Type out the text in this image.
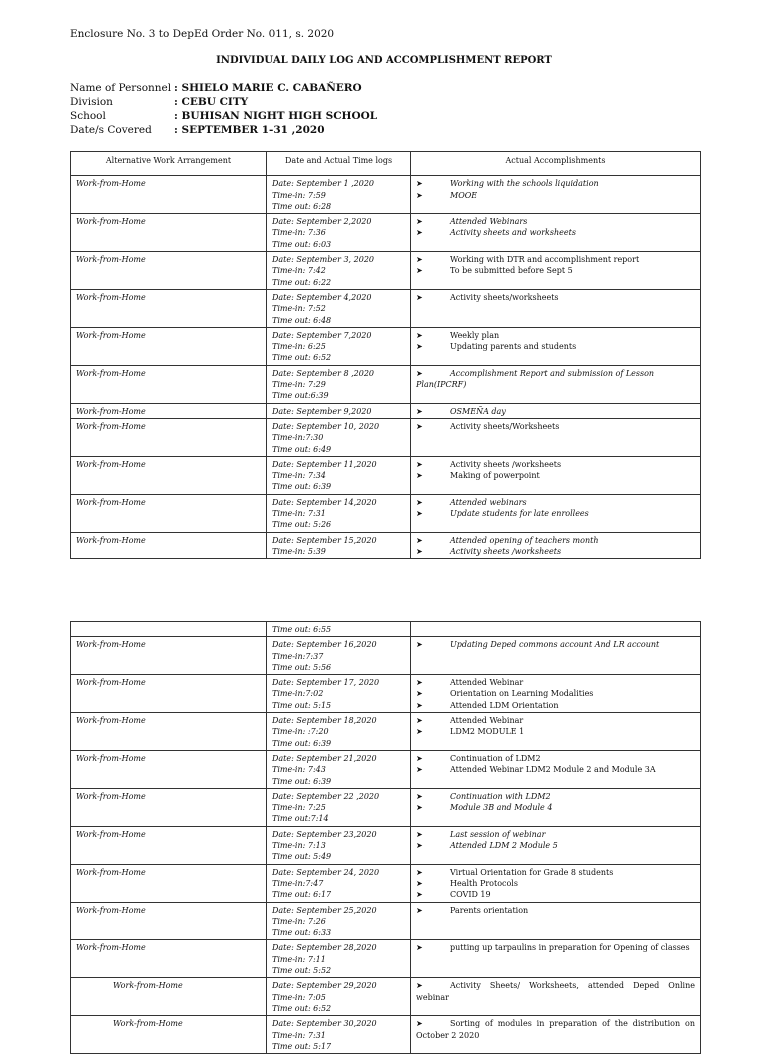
Enclosure No. 3 to DepEd Order No. 011, s. 2020
INDIVIDUAL DAILY LOG AND ACCOMPLISHMENT REPORT
Name of Personnel : SHIELO MARIE C. CABAÑERO
Division	: CEBU CITY
School	: BUHISAN NIGHT HIGH SCHOOL
Date/s Covered : SEPTEMBER 1-31 ,2020
Alternative Work Arrangement	Date and Actual Time logs	Actual Accomplishments
Work-from-Home	Date: September 1 ,2020
Time-in: 7:59
Time out: 6:28	➤ Working with the schools liquidation
➤ MOOE

Work-from-Home	Date: September 2,2020
Time-in: 7:36
Time out: 6:03	➤ Attended Webinars
➤ Activity sheets and worksheets

Work-from-Home	Date: September 3, 2020
Time-in: 7:42
Time out: 6:22	➤ Working with DTR and accomplishment report
➤ To be submitted before Sept 5

Work-from-Home	Date: September 4,2020
Time-in: 7:52
Time out: 6:48	➤ Activity sheets/worksheets

Work-from-Home	Date: September 7,2020
Time-in: 6:25
Time out: 6:52	➤ Weekly plan
➤ Updating parents and students

Work-from-Home	Date: September 8 ,2020
Time-in: 7:29
Time out:6:39	➤ Accomplishment Report and submission of Lesson Plan(IPCRF)

Work-from-Home	Date: September 9,2020	➤ OSMEÑA day

Work-from-Home	Date: September 10, 2020
Time-in:7:30
Time out: 6:49	➤ Activity sheets/Worksheets

Work-from-Home	Date: September 11,2020
Time-in: 7:34
Time out: 6:39	➤ Activity sheets /worksheets
➤ Making of powerpoint

Work-from-Home	Date: September 14,2020
Time-in: 7:31
Time out: 5:26	➤ Attended webinars
➤ Update students for late enrollees

Work-from-Home	Date: September 15,2020
Time-in: 5:39	➤ Attended opening of teachers month
➤ Activity sheets /worksheets

	Time out: 6:55	

Work-from-Home	Date: September 16,2020
Time-in:7:37
Time out: 5:56	➤ Updating Deped commons account And LR account

Work-from-Home	Date: September 17, 2020
Time-in:7:02
Time out: 5:15	➤ Attended Webinar
➤ Orientation on Learning Modalities
➤ Attended LDM Orientation

Work-from-Home	Date: September 18,2020
Time-in: :7:20
Time out: 6:39	➤ Attended Webinar
➤ LDM2 MODULE 1

Work-from-Home	Date: September 21,2020
Time-in: 7:43
Time out: 6:39	➤ Continuation of LDM2
➤ Attended Webinar LDM2 Module 2 and Module 3A

Work-from-Home	Date: September 22 ,2020
Time-in: 7:25
Time out:7:14	➤ Continuation with LDM2
➤ Module 3B and Module 4

Work-from-Home	Date: September 23,2020
Time-in: 7:13
Time out: 5:49	➤ Last session of webinar
➤ Attended LDM 2 Module 5

Work-from-Home	Date: September 24, 2020
Time-in:7:47
Time out: 6:17	➤ Virtual Orientation for Grade 8 students
➤ Health Protocols
➤ COVID 19

Work-from-Home	Date: September 25,2020
Time-in: 7:26
Time out: 6:33	➤ Parents orientation

Work-from-Home	Date: September 28,2020
Time-in: 7:11
Time out: 5:52	➤ putting up tarpaulins in preparation for Opening of classes

Work-from-Home	Date: September 29,2020
Time-in: 7:05
Time out: 6:52	➤ Activity Sheets/ Worksheets, attended Deped Online webinar

Work-from-Home	Date: September 30,2020
Time-in: 7:31
Time out: 5:17	➤ Sorting of modules in preparation of the distribution on October 2 2020
